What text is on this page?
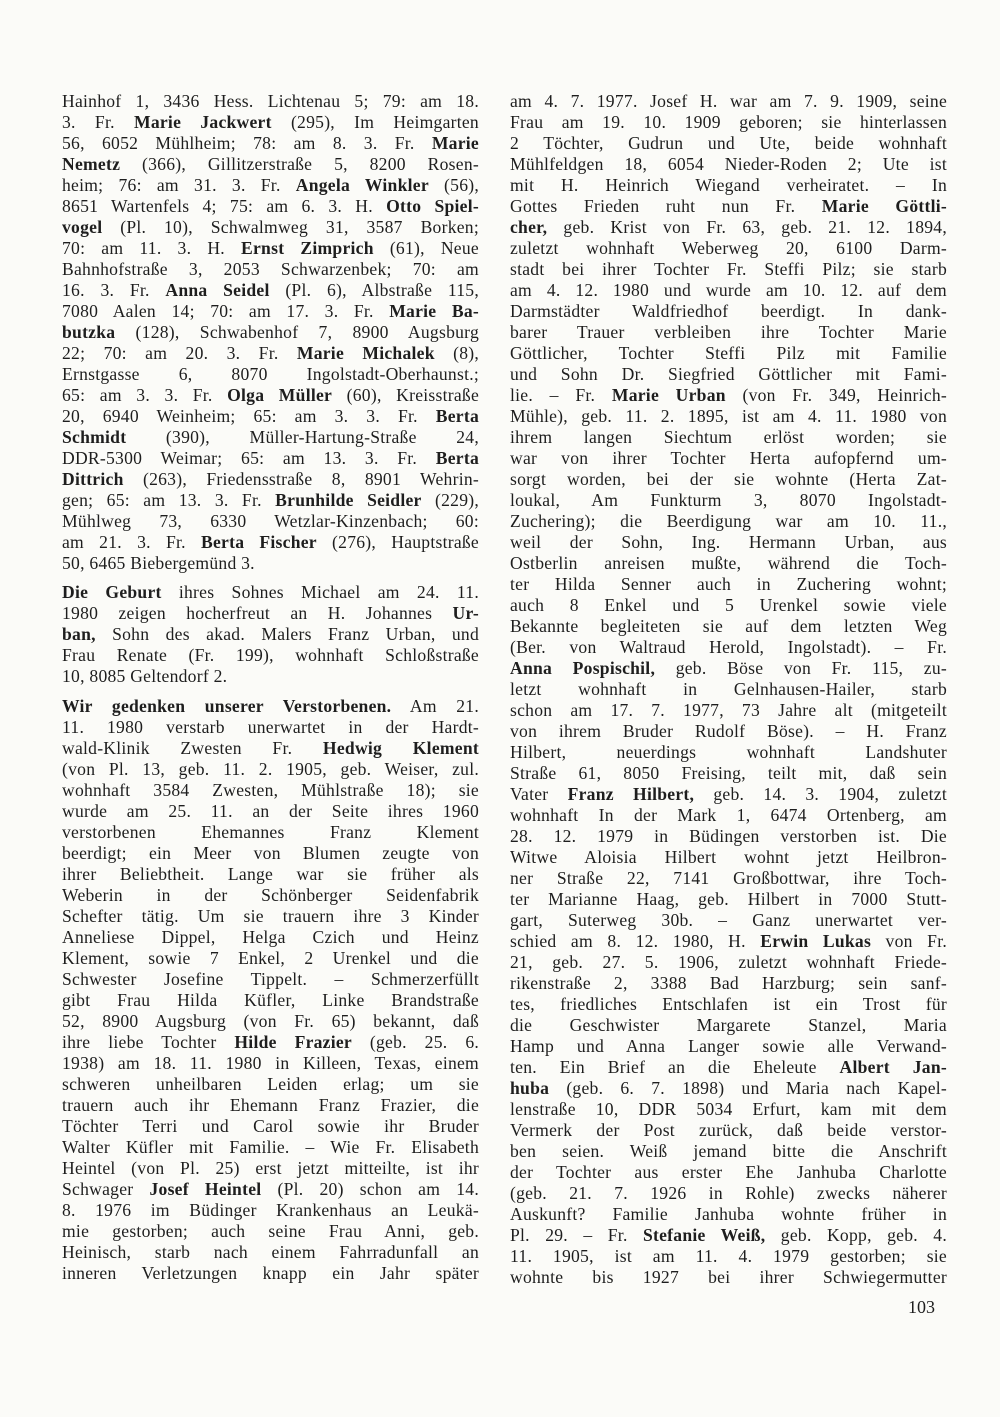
Hainhof 1, 3436 Hess. Lichtenau 5; 79: am 18.
3. Fr. Marie Jackwert (295), Im Heimgarten
56, 6052 Mühlheim; 78: am 8. 3. Fr. Marie
Nemetz (366), Gillitzerstraße 5, 8200 Rosen-
heim; 76: am 31. 3. Fr. Angela Winkler (56),
8651 Wartenfels 4; 75: am 6. 3. H. Otto Spiel-
vogel (Pl. 10), Schwalmweg 31, 3587 Borken;
70: am 11. 3. H. Ernst Zimprich (61), Neue
Bahnhofstraße 3, 2053 Schwarzenbek; 70: am
16. 3. Fr. Anna Seidel (Pl. 6), Albstraße 115,
7080 Aalen 14; 70: am 17. 3. Fr. Marie Ba-
butzka (128), Schwabenhof 7, 8900 Augsburg
22; 70: am 20. 3. Fr. Marie Michalek (8),
Ernstgasse 6, 8070 Ingolstadt-Oberhaunst.;
65: am 3. 3. Fr. Olga Müller (60), Kreisstraße
20, 6940 Weinheim; 65: am 3. 3. Fr. Berta
Schmidt (390), Müller-Hartung-Straße 24,
DDR-5300 Weimar; 65: am 13. 3. Fr. Berta
Dittrich (263), Friedensstraße 8, 8901 Wehrin-
gen; 65: am 13. 3. Fr. Brunhilde Seidler (229),
Mühlweg 73, 6330 Wetzlar-Kinzenbach; 60:
am 21. 3. Fr. Berta Fischer (276), Hauptstraße
50, 6465 Biebergemünd 3.
Die Geburt ihres Sohnes Michael am 24. 11.
1980 zeigen hocherfreut an H. Johannes Ur-
ban, Sohn des akad. Malers Franz Urban, und
Frau Renate (Fr. 199), wohnhaft Schloßstraße
10, 8085 Geltendorf 2.
Wir gedenken unserer Verstorbenen. Am 21.
11. 1980 verstarb unerwartet in der Hardt-
wald-Klinik Zwesten Fr. Hedwig Klement
(von Pl. 13, geb. 11. 2. 1905, geb. Weiser, zul.
wohnhaft 3584 Zwesten, Mühlstraße 18); sie
wurde am 25. 11. an der Seite ihres 1960
verstorbenen Ehemannes Franz Klement
beerdigt; ein Meer von Blumen zeugte von
ihrer Beliebtheit. Lange war sie früher als
Weberin in der Schönberger Seidenfabrik
Schefter tätig. Um sie trauern ihre 3 Kinder
Anneliese Dippel, Helga Czich und Heinz
Klement, sowie 7 Enkel, 2 Urenkel und die
Schwester Josefine Tippelt. – Schmerzerfüllt
gibt Frau Hilda Küfler, Linke Brandstraße
52, 8900 Augsburg (von Fr. 65) bekannt, daß
ihre liebe Tochter Hilde Frazier (geb. 25. 6.
1938) am 18. 11. 1980 in Killeen, Texas, einem
schweren unheilbaren Leiden erlag; um sie
trauern auch ihr Ehemann Franz Frazier, die
Töchter Terri und Carol sowie ihr Bruder
Walter Küfler mit Familie. – Wie Fr. Elisabeth
Heintel (von Pl. 25) erst jetzt mitteilte, ist ihr
Schwager Josef Heintel (Pl. 20) schon am 14.
8. 1976 im Büdinger Krankenhaus an Leukä-
mie gestorben; auch seine Frau Anni, geb.
Heinisch, starb nach einem Fahrradunfall an
inneren Verletzungen knapp ein Jahr später
am 4. 7. 1977. Josef H. war am 7. 9. 1909, seine
Frau am 19. 10. 1909 geboren; sie hinterlassen
2 Töchter, Gudrun und Ute, beide wohnhaft
Mühlfeldgen 18, 6054 Nieder-Roden 2; Ute ist
mit H. Heinrich Wiegand verheiratet. – In
Gottes Frieden ruht nun Fr. Marie Göttli-
cher, geb. Krist von Fr. 63, geb. 21. 12. 1894,
zuletzt wohnhaft Weberweg 20, 6100 Darm-
stadt bei ihrer Tochter Fr. Steffi Pilz; sie starb
am 4. 12. 1980 und wurde am 10. 12. auf dem
Darmstädter Waldfriedhof beerdigt. In dank-
barer Trauer verbleiben ihre Tochter Marie
Göttlicher, Tochter Steffi Pilz mit Familie
und Sohn Dr. Siegfried Göttlicher mit Fami-
lie. – Fr. Marie Urban (von Fr. 349, Heinrich-
Mühle), geb. 11. 2. 1895, ist am 4. 11. 1980 von
ihrem langen Siechtum erlöst worden; sie
war von ihrer Tochter Herta aufopfernd um-
sorgt worden, bei der sie wohnte (Herta Zat-
loukal, Am Funkturm 3, 8070 Ingolstadt-
Zuchering); die Beerdigung war am 10. 11.,
weil der Sohn, Ing. Hermann Urban, aus
Ostberlin anreisen mußte, während die Toch-
ter Hilda Senner auch in Zuchering wohnt;
auch 8 Enkel und 5 Urenkel sowie viele
Bekannte begleiteten sie auf dem letzten Weg
(Ber. von Waltraud Herold, Ingolstadt). – Fr.
Anna Pospischil, geb. Böse von Fr. 115, zu-
letzt wohnhaft in Gelnhausen-Hailer, starb
schon am 17. 7. 1977, 73 Jahre alt (mitgeteilt
von ihrem Bruder Rudolf Böse). – H. Franz
Hilbert, neuerdings wohnhaft Landshuter
Straße 61, 8050 Freising, teilt mit, daß sein
Vater Franz Hilbert, geb. 14. 3. 1904, zuletzt
wohnhaft In der Mark 1, 6474 Ortenberg, am
28. 12. 1979 in Büdingen verstorben ist. Die
Witwe Aloisia Hilbert wohnt jetzt Heilbron-
ner Straße 22, 7141 Großbottwar, ihre Toch-
ter Marianne Haag, geb. Hilbert in 7000 Stutt-
gart, Suterweg 30b. – Ganz unerwartet ver-
schied am 8. 12. 1980, H. Erwin Lukas von Fr.
21, geb. 27. 5. 1906, zuletzt wohnhaft Friede-
rikenstraße 2, 3388 Bad Harzburg; sein sanf-
tes, friedliches Entschlafen ist ein Trost für
die Geschwister Margarete Stanzel, Maria
Hamp und Anna Langer sowie alle Verwand-
ten. Ein Brief an die Eheleute Albert Jan-
huba (geb. 6. 7. 1898) und Maria nach Kapel-
lenstraße 10, DDR 5034 Erfurt, kam mit dem
Vermerk der Post zurück, daß beide verstor-
ben seien. Weiß jemand bitte die Anschrift
der Tochter aus erster Ehe Janhuba Charlotte
(geb. 21. 7. 1926 in Rohle) zwecks näherer
Auskunft? Familie Janhuba wohnte früher in
Pl. 29. – Fr. Stefanie Weiß, geb. Kopp, geb. 4.
11. 1905, ist am 11. 4. 1979 gestorben; sie
wohnte bis 1927 bei ihrer Schwiegermutter
103
